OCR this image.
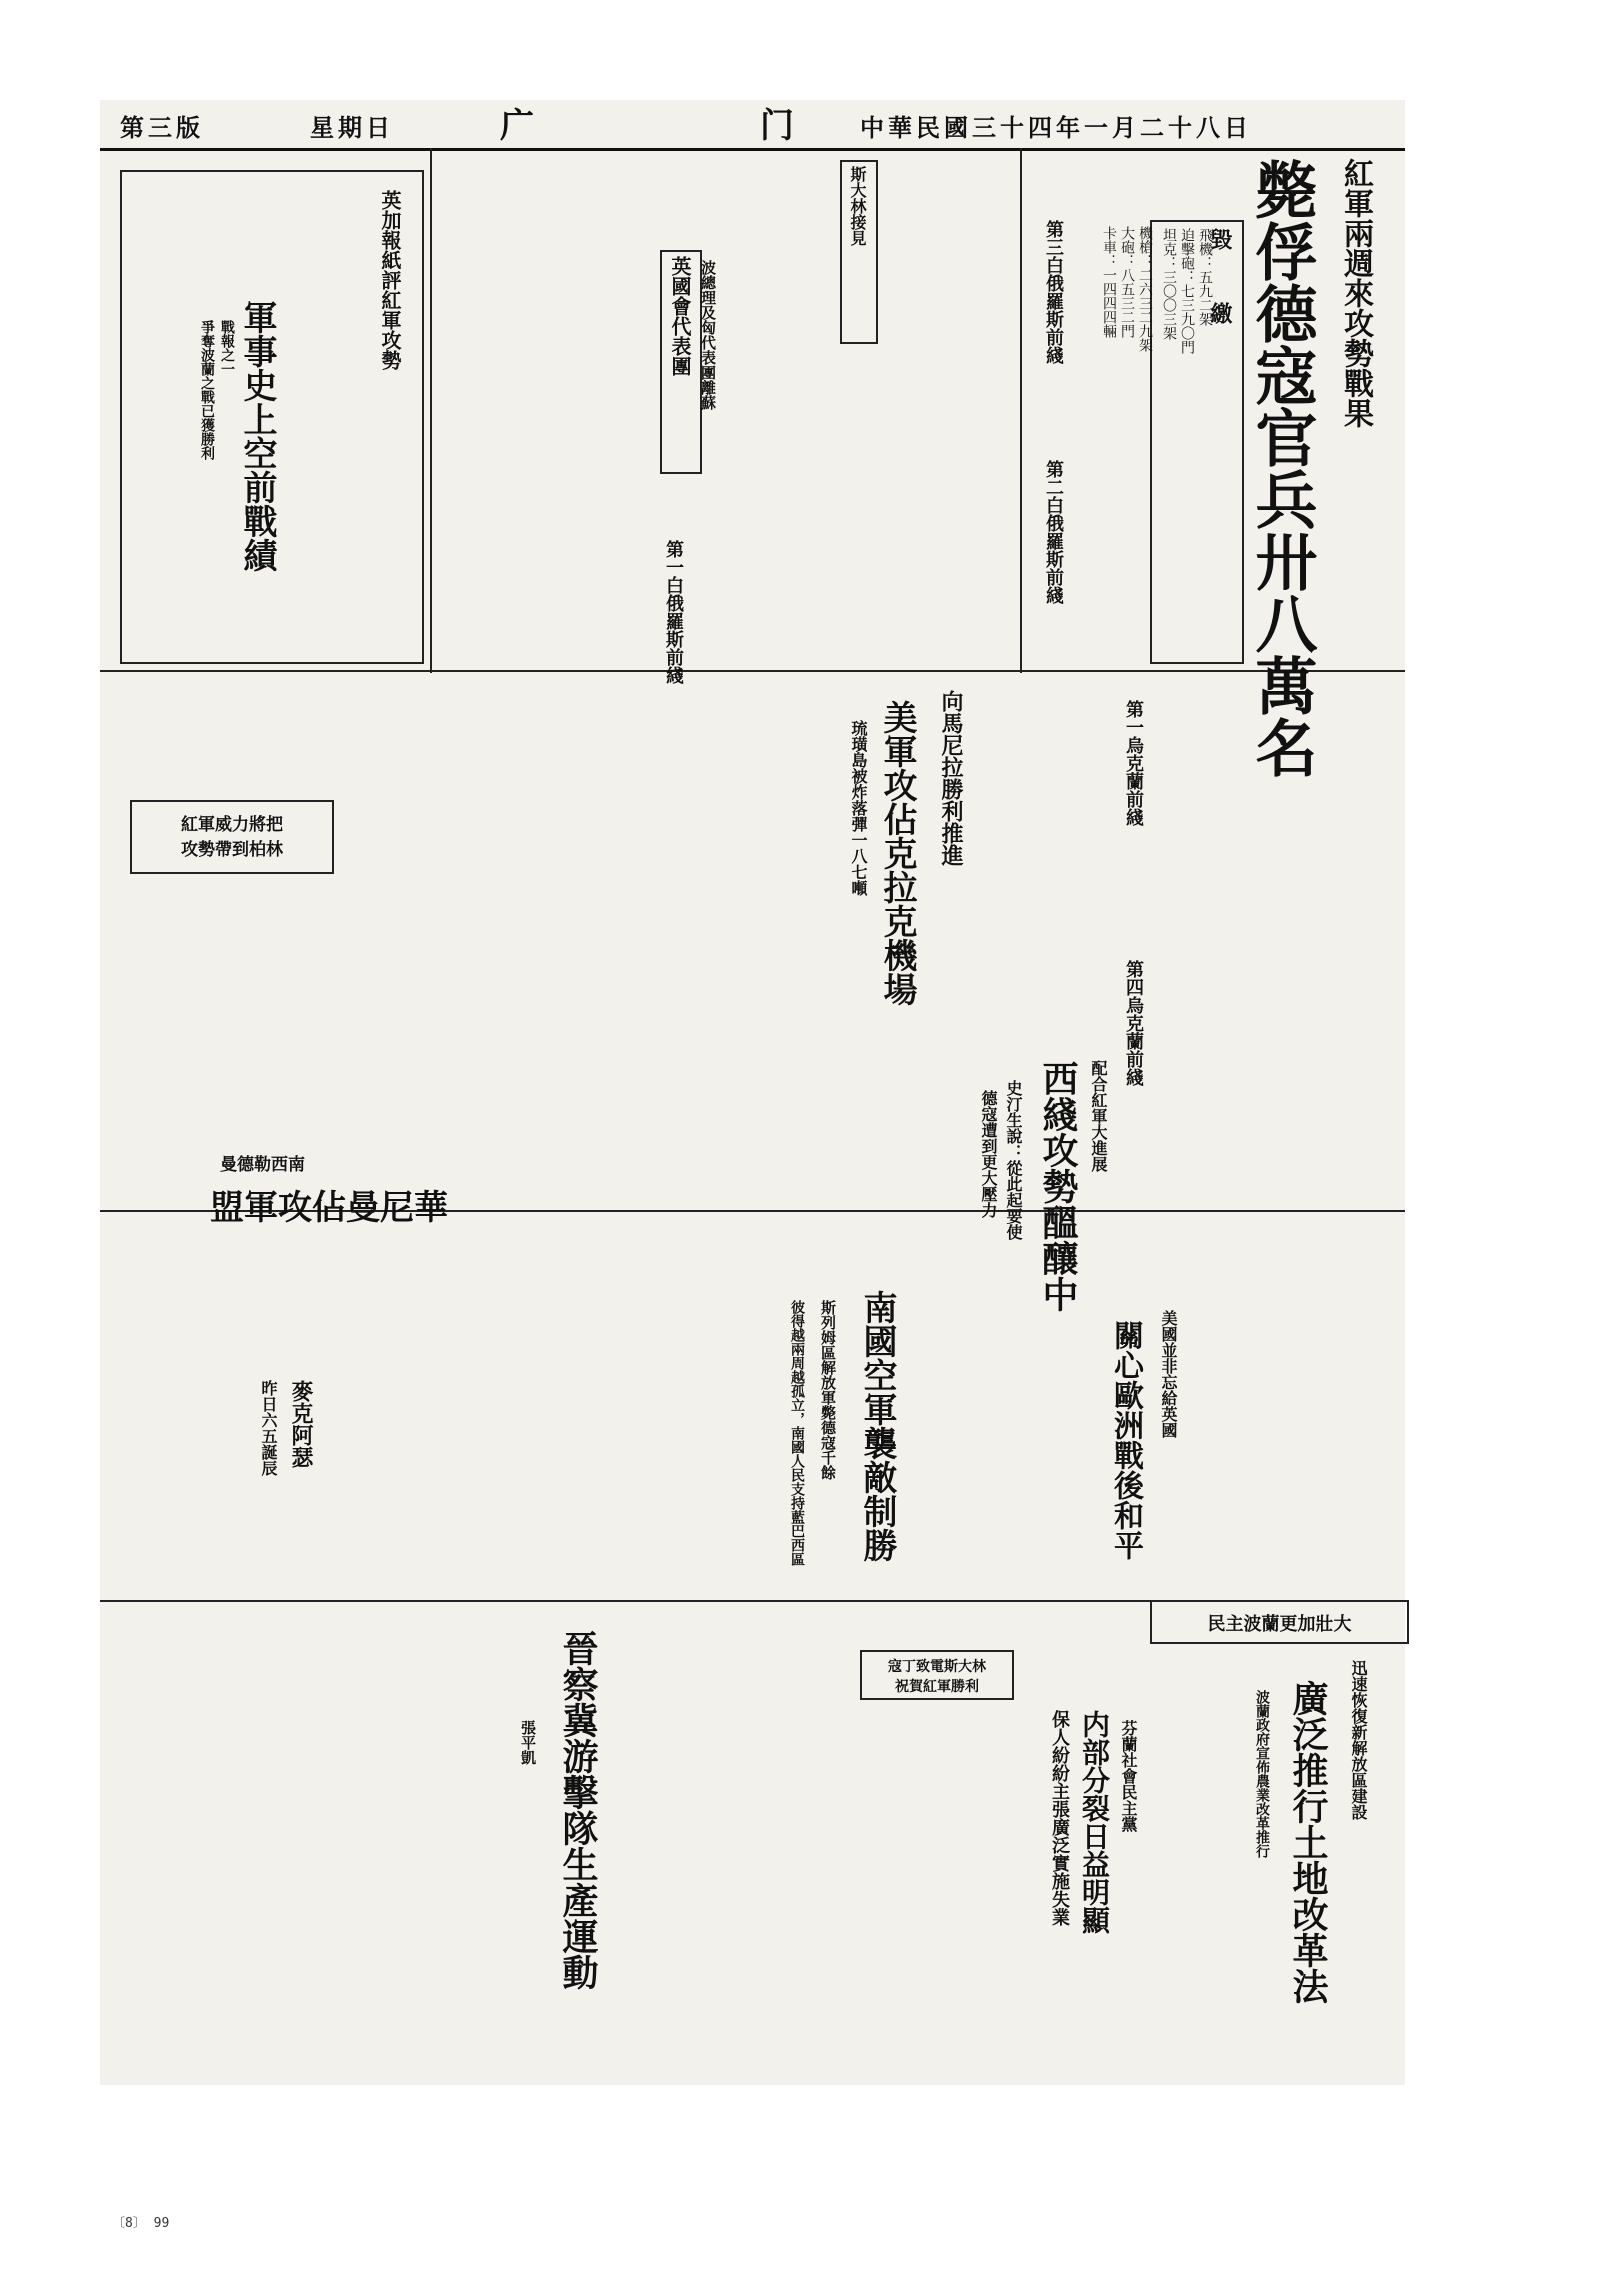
第三版	星期日	广	门	中華民國三十四年一月二十八日
紅軍兩週來攻勢戰果
斃俘德寇官兵卅八萬名
毀
繳
飛機：五九二架
迫擊砲：七三九〇門
坦克：三〇〇三架
機槍：二六三二九架
大砲：八五三二門
卡車：一四四四輛
第三白俄羅斯前綫
第二白俄羅斯前綫
第一白俄羅斯前綫
第一烏克蘭前綫
第四烏克蘭前綫
斯大林接見
英國會代表團 波總理及匈代表團離蘇
英加報紙評紅軍攻勢
軍事史上空前戰績
爭奪波蘭之戰已獲勝利 戰報之一
紅軍威力將把
攻勢帶到柏林	向馬尼拉勝利推進
美軍攻佔克拉克機場
琉璜島被炸落彈一八七噸
配合紅軍大進展
西綫攻勢醞釀中
史汀生說：從此起要使
德寇遭到更大壓力
曼德勒西南
盟軍攻佔曼尼華
麥克阿瑟
昨日六五誕辰	南國空軍襲敵制勝
斯列姆區解放軍斃德寇千餘
彼得越兩周越孤立，南國人民支持藍巴西區	美國並非忘給英國
關心歐洲戰後和平
民主波蘭更加壯大
迅速恢復新解放區建設
廣泛推行土地改革法
波蘭政府宣佈農業改革推行
芬蘭社會民主黨
内部分裂日益明顯
保人紛紛主張廣泛實施失業
寇丁致電斯大林
祝賀紅軍勝利
晉察冀游擊隊生產運動
張平凱
〔8〕 99
